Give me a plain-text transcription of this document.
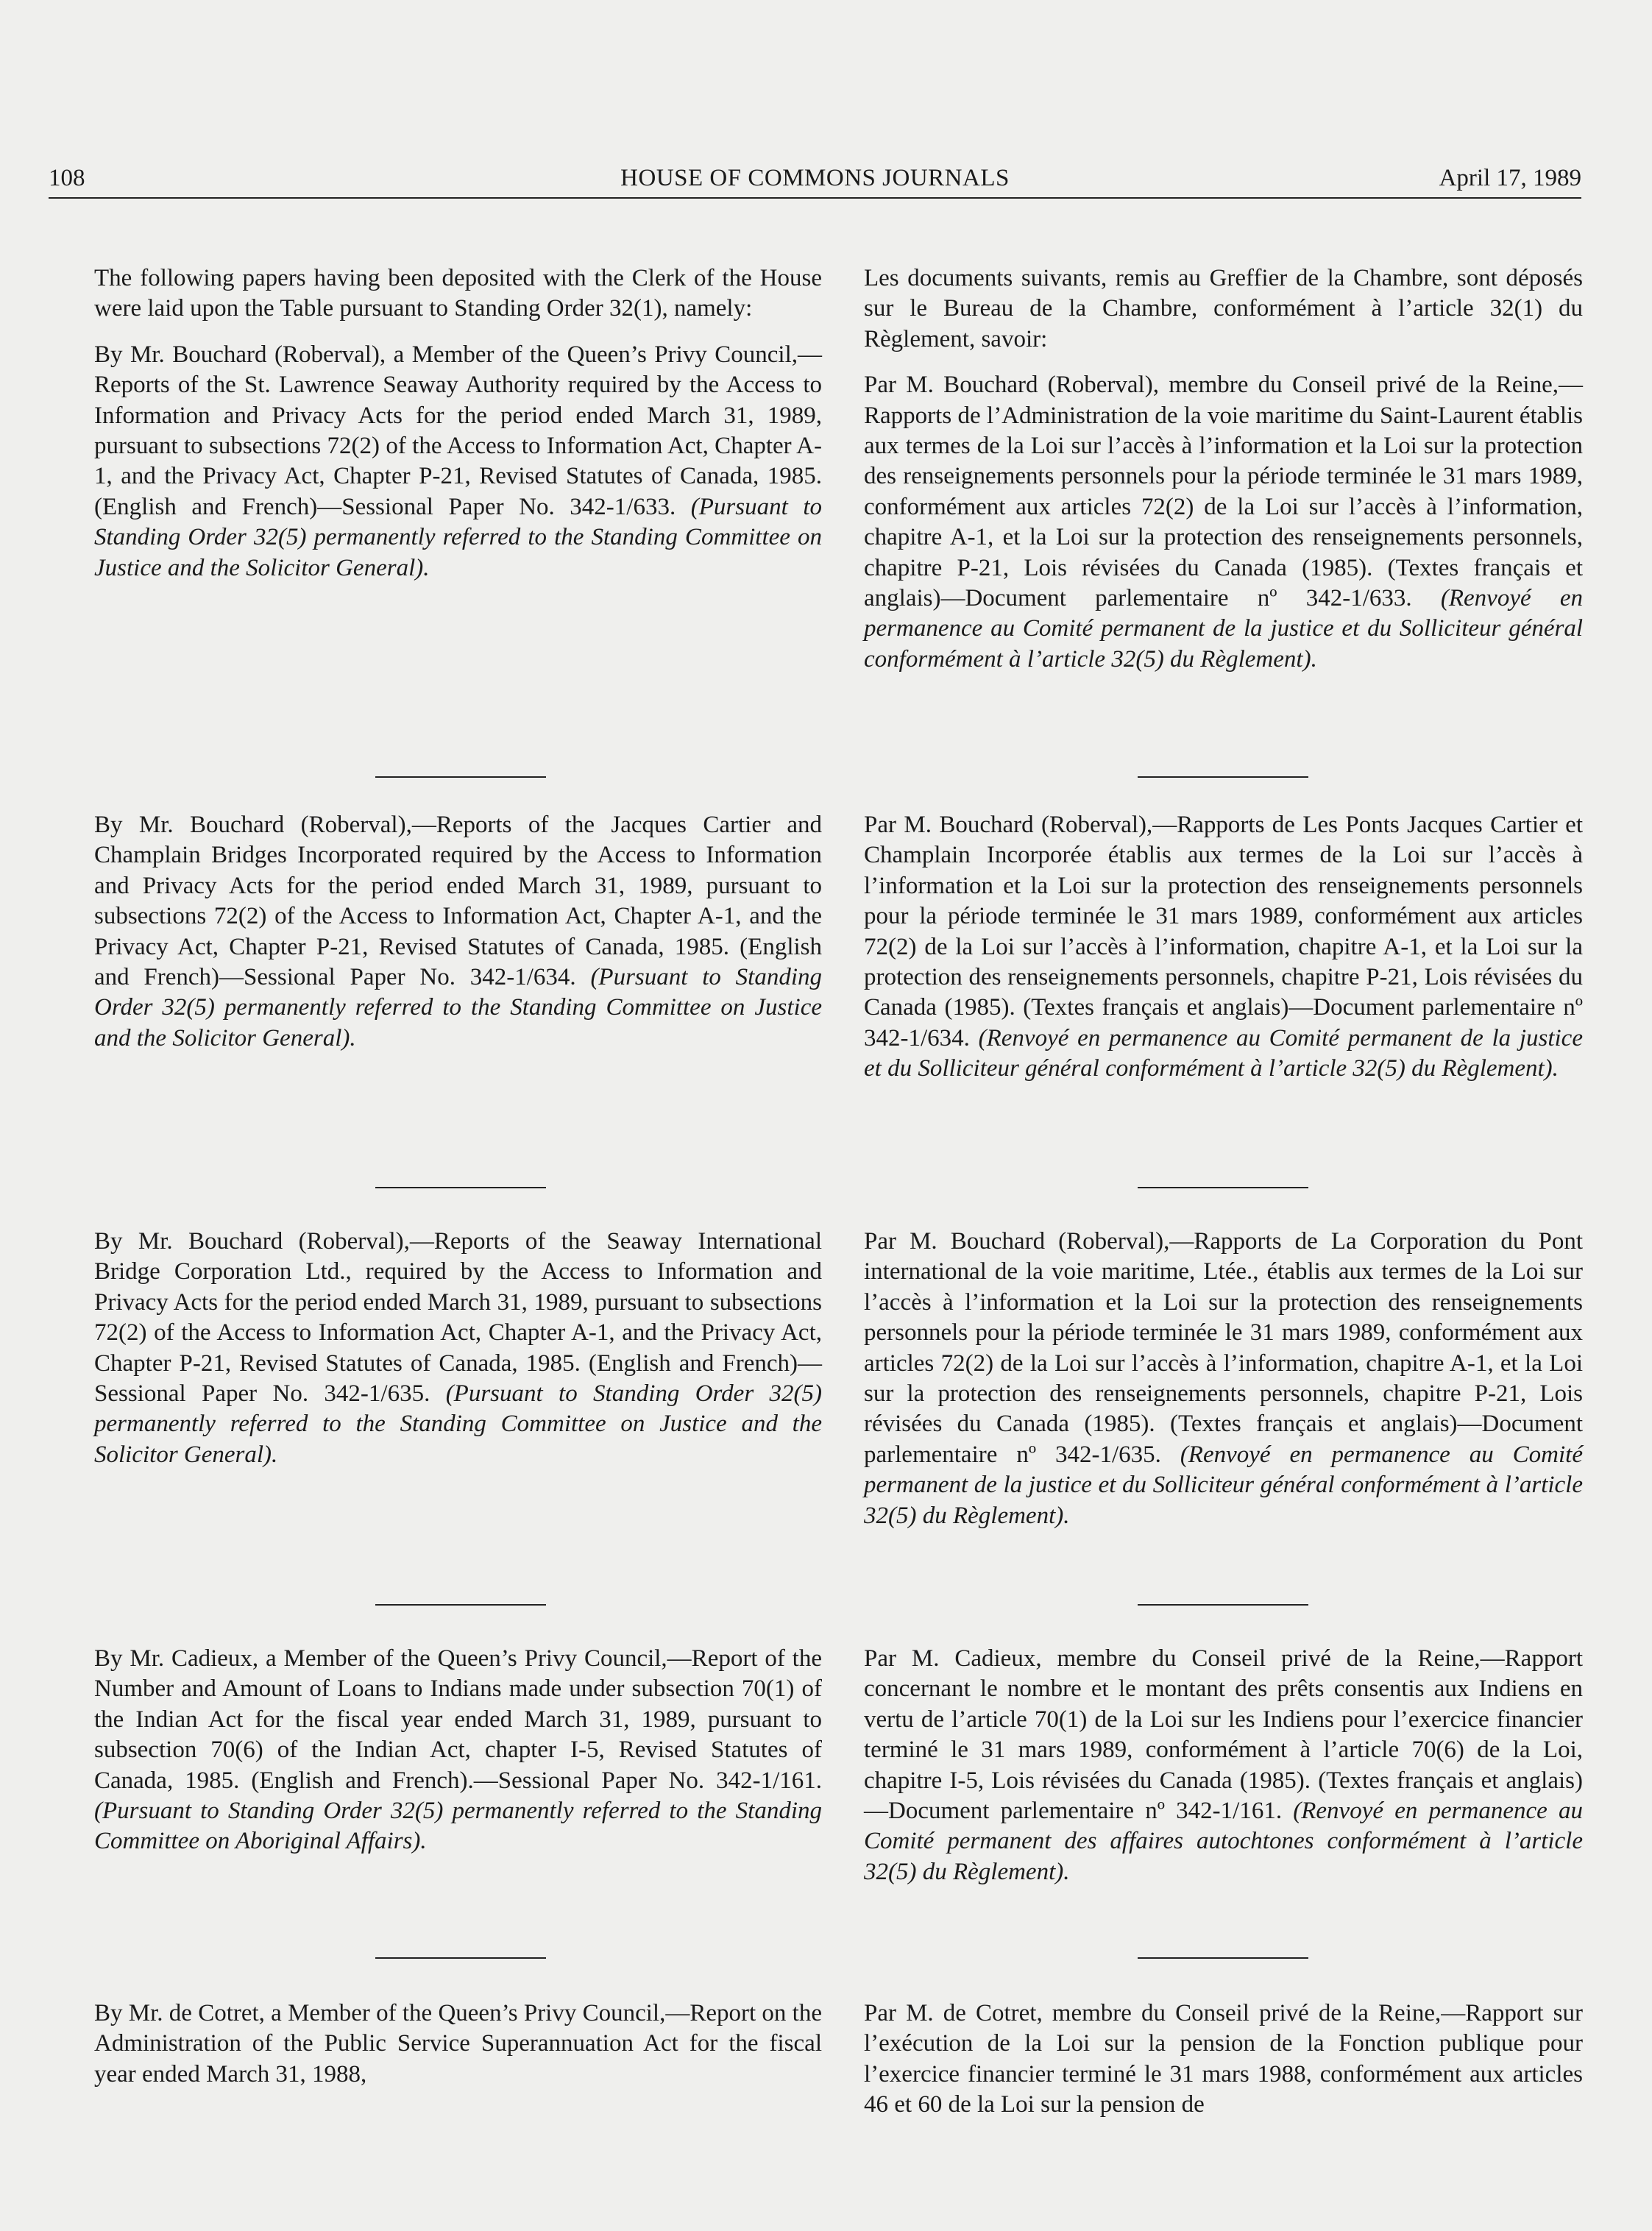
108	HOUSE OF COMMONS JOURNALS	April 17, 1989

The following papers having been deposited with the Clerk of the House were laid upon the Table pursuant to Standing Order 32(1), namely:

By Mr. Bouchard (Roberval), a Member of the Queen’s Privy Council,—Reports of the St. Lawrence Seaway Authority required by the Access to Information and Privacy Acts for the period ended March 31, 1989, pursuant to subsections 72(2) of the Access to Information Act, Chapter A-1, and the Privacy Act, Chapter P-21, Revised Statutes of Canada, 1985. (English and French)—Sessional Paper No. 342-1/633. (Pursuant to Standing Order 32(5) permanently referred to the Standing Committee on Justice and the Solicitor General).

By Mr. Bouchard (Roberval),—Reports of the Jacques Cartier and Champlain Bridges Incorporated required by the Access to Information and Privacy Acts for the period ended March 31, 1989, pursuant to subsections 72(2) of the Access to Information Act, Chapter A-1, and the Privacy Act, Chapter P-21, Revised Statutes of Canada, 1985. (English and French)—Sessional Paper No. 342-1/634. (Pursuant to Standing Order 32(5) permanently referred to the Standing Committee on Justice and the Solicitor General).

By Mr. Bouchard (Roberval),—Reports of the Seaway International Bridge Corporation Ltd., required by the Access to Information and Privacy Acts for the period ended March 31, 1989, pursuant to subsections 72(2) of the Access to Information Act, Chapter A-1, and the Privacy Act, Chapter P-21, Revised Statutes of Canada, 1985. (English and French)—Sessional Paper No. 342-1/635. (Pursuant to Standing Order 32(5) permanently referred to the Standing Committee on Justice and the Solicitor General).

By Mr. Cadieux, a Member of the Queen’s Privy Council,—Report of the Number and Amount of Loans to Indians made under subsection 70(1) of the Indian Act for the fiscal year ended March 31, 1989, pursuant to subsection 70(6) of the Indian Act, chapter I-5, Revised Statutes of Canada, 1985. (English and French).—Sessional Paper No. 342-1/161. (Pursuant to Standing Order 32(5) permanently referred to the Standing Committee on Aboriginal Affairs).

By Mr. de Cotret, a Member of the Queen’s Privy Council,—Report on the Administration of the Public Service Superannuation Act for the fiscal year ended March 31, 1988,

Les documents suivants, remis au Greffier de la Chambre, sont déposés sur le Bureau de la Chambre, conformément à l’article 32(1) du Règlement, savoir:

Par M. Bouchard (Roberval), membre du Conseil privé de la Reine,—Rapports de l’Administration de la voie maritime du Saint-Laurent établis aux termes de la Loi sur l’accès à l’information et la Loi sur la protection des renseignements personnels pour la période terminée le 31 mars 1989, conformément aux articles 72(2) de la Loi sur l’accès à l’information, chapitre A-1, et la Loi sur la protection des renseignements personnels, chapitre P-21, Lois révisées du Canada (1985). (Textes français et anglais)—Document parlementaire nº 342-1/633. (Renvoyé en permanence au Comité permanent de la justice et du Solliciteur général conformément à l’article 32(5) du Règlement).

Par M. Bouchard (Roberval),—Rapports de Les Ponts Jacques Cartier et Champlain Incorporée établis aux termes de la Loi sur l’accès à l’information et la Loi sur la protection des renseignements personnels pour la période terminée le 31 mars 1989, conformément aux articles 72(2) de la Loi sur l’accès à l’information, chapitre A-1, et la Loi sur la protection des renseignements personnels, chapitre P-21, Lois révisées du Canada (1985). (Textes français et anglais)—Document parlementaire nº 342-1/634. (Renvoyé en permanence au Comité permanent de la justice et du Solliciteur général conformément à l’article 32(5) du Règlement).

Par M. Bouchard (Roberval),—Rapports de La Corporation du Pont international de la voie maritime, Ltée., établis aux termes de la Loi sur l’accès à l’information et la Loi sur la protection des renseignements personnels pour la période terminée le 31 mars 1989, conformément aux articles 72(2) de la Loi sur l’accès à l’information, chapitre A-1, et la Loi sur la protection des renseignements personnels, chapitre P-21, Lois révisées du Canada (1985). (Textes français et anglais)—Document parlementaire nº 342-1/635. (Renvoyé en permanence au Comité permanent de la justice et du Solliciteur général conformément à l’article 32(5) du Règlement).

Par M. Cadieux, membre du Conseil privé de la Reine,—Rapport concernant le nombre et le montant des prêts consentis aux Indiens en vertu de l’article 70(1) de la Loi sur les Indiens pour l’exercice financier terminé le 31 mars 1989, conformément à l’article 70(6) de la Loi, chapitre I-5, Lois révisées du Canada (1985). (Textes français et anglais)—Document parlementaire nº 342-1/161. (Renvoyé en permanence au Comité permanent des affaires autochtones conformément à l’article 32(5) du Règlement).

Par M. de Cotret, membre du Conseil privé de la Reine,—Rapport sur l’exécution de la Loi sur la pension de la Fonction publique pour l’exercice financier terminé le 31 mars 1988, conformément aux articles 46 et 60 de la Loi sur la pension de
